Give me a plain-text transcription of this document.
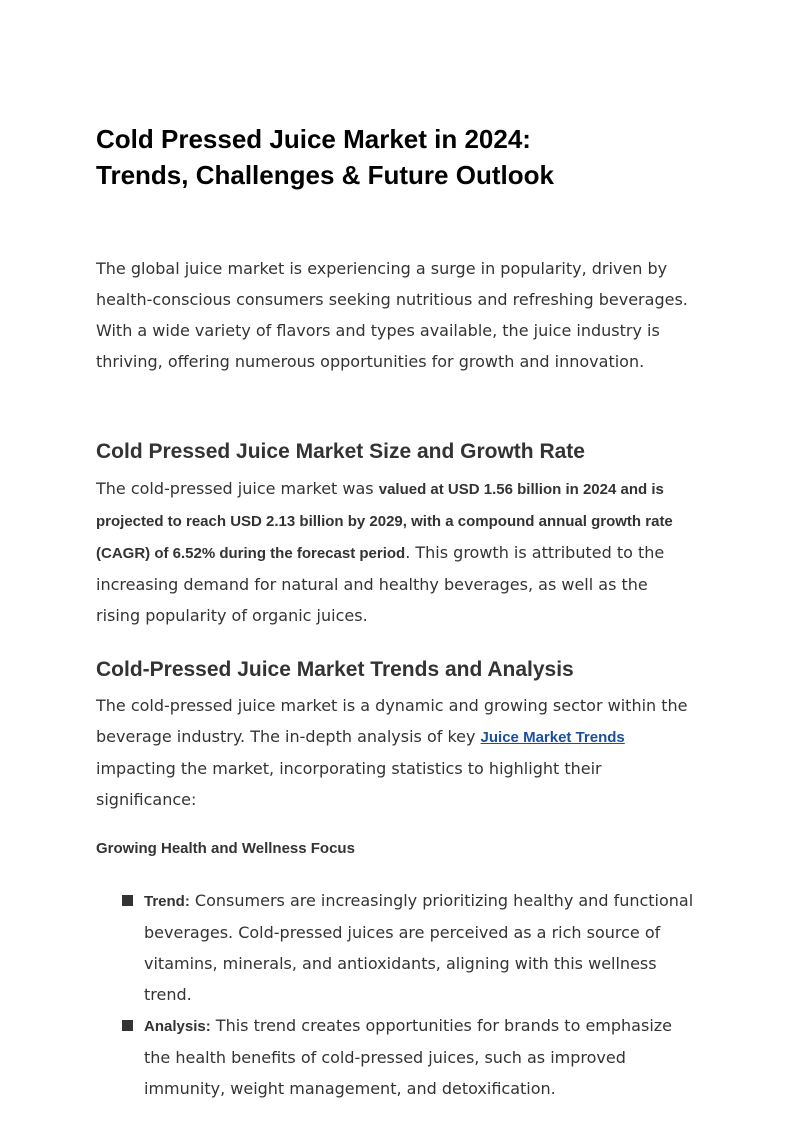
Cold Pressed Juice Market in 2024:
Trends, Challenges & Future Outlook

The global juice market is experiencing a surge in popularity, driven by health-conscious consumers seeking nutritious and refreshing beverages. With a wide variety of flavors and types available, the juice industry is thriving, offering numerous opportunities for growth and innovation.

Cold Pressed Juice Market Size and Growth Rate

The cold-pressed juice market was valued at USD 1.56 billion in 2024 and is projected to reach USD 2.13 billion by 2029, with a compound annual growth rate (CAGR) of 6.52% during the forecast period. This growth is attributed to the increasing demand for natural and healthy beverages, as well as the rising popularity of organic juices.

Cold-Pressed Juice Market Trends and Analysis

The cold-pressed juice market is a dynamic and growing sector within the beverage industry. The in-depth analysis of key Juice Market Trends impacting the market, incorporating statistics to highlight their significance:

Growing Health and Wellness Focus
Trend: Consumers are increasingly prioritizing healthy and functional beverages. Cold-pressed juices are perceived as a rich source of vitamins, minerals, and antioxidants, aligning with this wellness trend.
Analysis: This trend creates opportunities for brands to emphasize the health benefits of cold-pressed juices, such as improved immunity, weight management, and detoxification.
